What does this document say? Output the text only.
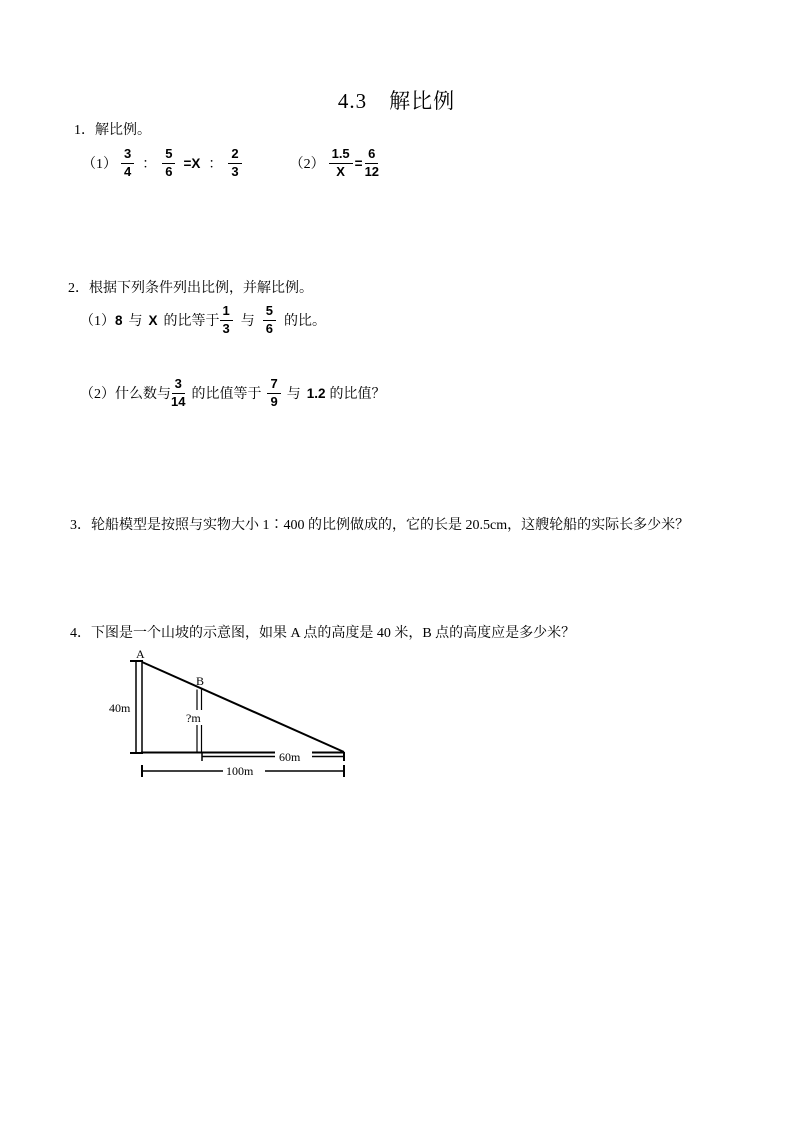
4.3　解比例
1．解比例。
$(1) \frac{3}{4}$ ： $\frac{5}{6} =X$ ： $\frac{2}{3}$	$(2) \frac{1.5}{X} = \frac{6}{12}$
2．根据下列条件列出比例，并解比例。
（1） 8 与 X 的比等于 $\frac{1}{3}$ 与 $\frac{5}{6}$ 的比。
（2） 什么数与 $\frac{3}{14}$ 的比值等于 $\frac{7}{9}$ 与 1.2 的比值？
3．轮船模型是按照与实物大小 1∶400 的比例做成的，它的长是 20.5cm，这艘轮船的实际长多少米？
4．下图是一个山坡的示意图，如果 A 点的高度是 40 米，B 点的高度应是多少米？
A
B
40m
?m
60m
100m
